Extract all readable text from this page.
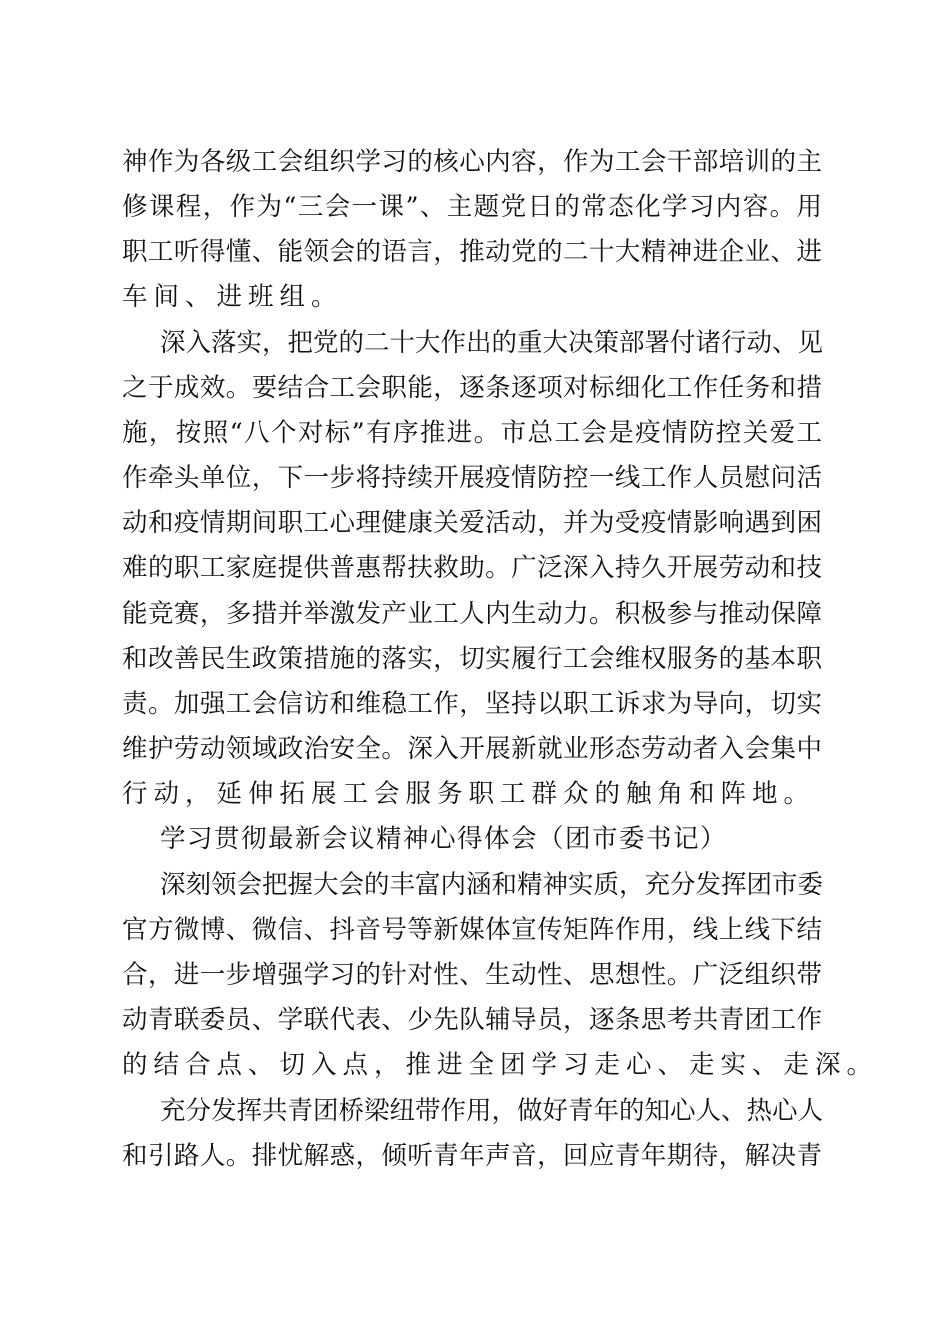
神作为各级工会组织学习的核心内容，作为工会干部培训的主
修课程，作为“三会一课”、主题党日的常态化学习内容。用
职工听得懂、能领会的语言，推动党的二十大精神进企业、进
车间、进班组。
深入落实，把党的二十大作出的重大决策部署付诸行动、见
之于成效。要结合工会职能，逐条逐项对标细化工作任务和措
施，按照“八个对标”有序推进。市总工会是疫情防控关爱工
作牵头单位，下一步将持续开展疫情防控一线工作人员慰问活
动和疫情期间职工心理健康关爱活动，并为受疫情影响遇到困
难的职工家庭提供普惠帮扶救助。广泛深入持久开展劳动和技
能竞赛，多措并举激发产业工人内生动力。积极参与推动保障
和改善民生政策措施的落实，切实履行工会维权服务的基本职
责。加强工会信访和维稳工作，坚持以职工诉求为导向，切实
维护劳动领域政治安全。深入开展新就业形态劳动者入会集中
行动，延伸拓展工会服务职工群众的触角和阵地。
学习贯彻最新会议精神心得体会（团市委书记）
深刻领会把握大会的丰富内涵和精神实质，充分发挥团市委
官方微博、微信、抖音号等新媒体宣传矩阵作用，线上线下结
合，进一步增强学习的针对性、生动性、思想性。广泛组织带
动青联委员、学联代表、少先队辅导员，逐条思考共青团工作
的结合点、切入点，推进全团学习走心、走实、走深。
充分发挥共青团桥梁纽带作用，做好青年的知心人、热心人
和引路人。排忧解惑，倾听青年声音，回应青年期待，解决青
